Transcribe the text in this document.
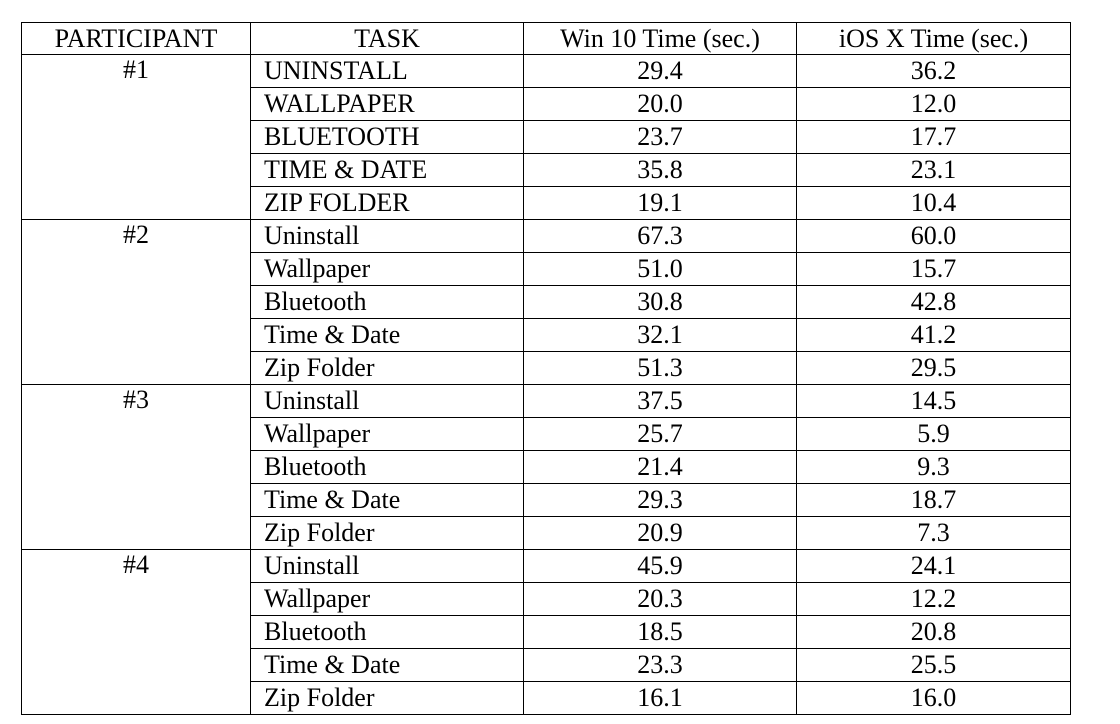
PARTICIPANT	TASK	Win 10 Time (sec.)	iOS X Time (sec.)
#1	UNINSTALL	29.4	36.2
	WALLPAPER	20.0	12.0
	BLUETOOTH	23.7	17.7
	TIME & DATE	35.8	23.1
	ZIP FOLDER	19.1	10.4
#2	Uninstall	67.3	60.0
	Wallpaper	51.0	15.7
	Bluetooth	30.8	42.8
	Time & Date	32.1	41.2
	Zip Folder	51.3	29.5
#3	Uninstall	37.5	14.5
	Wallpaper	25.7	5.9
	Bluetooth	21.4	9.3
	Time & Date	29.3	18.7
	Zip Folder	20.9	7.3
#4	Uninstall	45.9	24.1
	Wallpaper	20.3	12.2
	Bluetooth	18.5	20.8
	Time & Date	23.3	25.5
	Zip Folder	16.1	16.0
